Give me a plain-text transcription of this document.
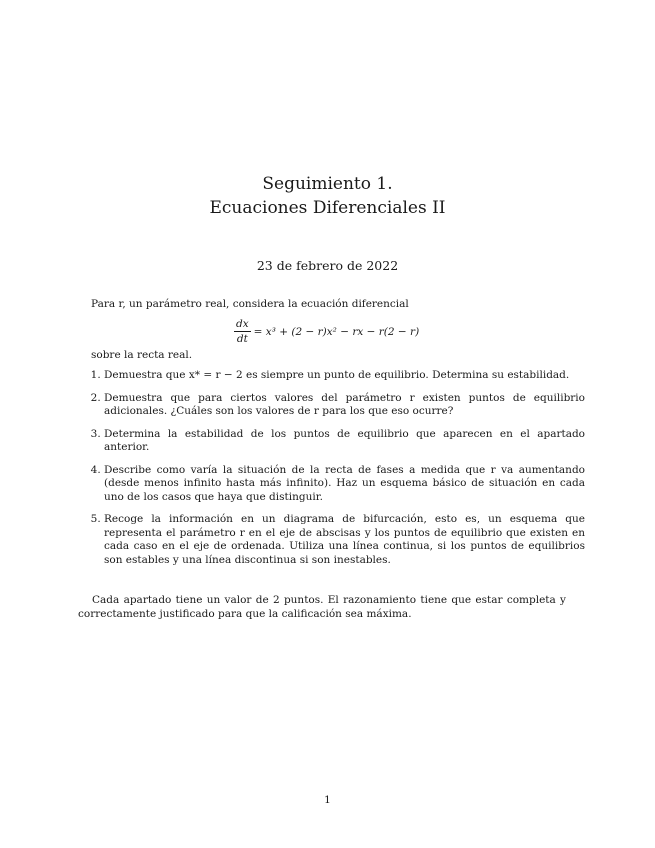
Seguimiento 1.
Ecuaciones Diferenciales II
23 de febrero de 2022
Para r, un parámetro real, considera la ecuación diferencial
$\frac{dx}{dt} = x^3 + (2 - r)x^2$ − rx − r(2 − r)
sobre la recta real.
1. Demuestra que x* = r − 2 es siempre un punto de equilibrio. Determina su estabilidad.
2. Demuestra que para ciertos valores del parámetro r existen puntos de equilibrio adicionales. ¿Cuáles son los valores de r para los que eso ocurre?
3. Determina la estabilidad de los puntos de equilibrio que aparecen en el apartado anterior.
4. Describe como varía la situación de la recta de fases a medida que r va aumentando (desde menos infinito hasta más infinito). Haz un esquema básico de situación en cada uno de los casos que haya que distinguir.
5. Recoge la información en un diagrama de bifurcación, esto es, un esquema que representa el parámetro r en el eje de abscisas y los puntos de equilibrio que existen en cada caso en el eje de ordenada. Utiliza una línea continua, si los puntos de equilibrios son estables y una línea discontinua si son inestables.

Cada apartado tiene un valor de 2 puntos. El razonamiento tiene que estar completa y correctamente justificado para que la calificación sea máxima.

1
